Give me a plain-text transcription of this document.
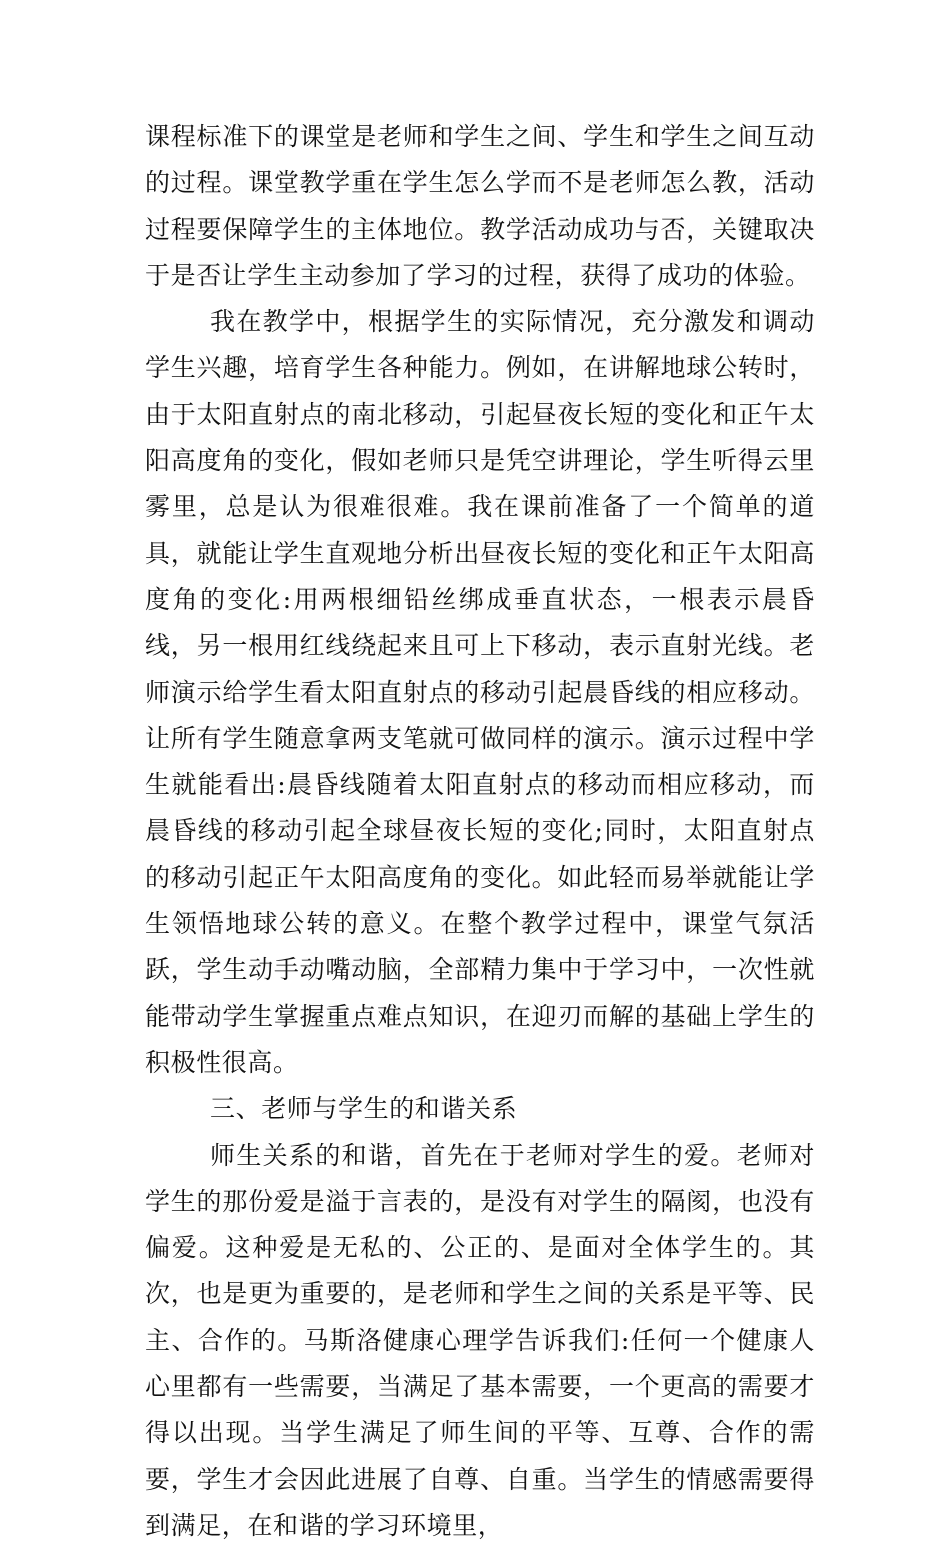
课程标准下的课堂是老师和学生之间、学生和学生之间互动的过程。课堂教学重在学生怎么学而不是老师怎么教，活动过程要保障学生的主体地位。教学活动成功与否，关键取决于是否让学生主动参加了学习的过程，获得了成功的体验。

我在教学中，根据学生的实际情况，充分激发和调动学生兴趣，培育学生各种能力。例如，在讲解地球公转时，由于太阳直射点的南北移动，引起昼夜长短的变化和正午太阳高度角的变化，假如老师只是凭空讲理论，学生听得云里雾里，总是认为很难很难。我在课前准备了一个简单的道具，就能让学生直观地分析出昼夜长短的变化和正午太阳高度角的变化:用两根细铅丝绑成垂直状态，一根表示晨昏线，另一根用红线绕起来且可上下移动，表示直射光线。老师演示给学生看太阳直射点的移动引起晨昏线的相应移动。让所有学生随意拿两支笔就可做同样的演示。演示过程中学生就能看出:晨昏线随着太阳直射点的移动而相应移动，而晨昏线的移动引起全球昼夜长短的变化;同时，太阳直射点的移动引起正午太阳高度角的变化。如此轻而易举就能让学生领悟地球公转的意义。在整个教学过程中，课堂气氛活跃，学生动手动嘴动脑，全部精力集中于学习中，一次性就能带动学生掌握重点难点知识，在迎刃而解的基础上学生的积极性很高。

三、老师与学生的和谐关系

师生关系的和谐，首先在于老师对学生的爱。老师对学生的那份爱是溢于言表的，是没有对学生的隔阂，也没有偏爱。这种爱是无私的、公正的、是面对全体学生的。其次，也是更为重要的，是老师和学生之间的关系是平等、民主、合作的。马斯洛健康心理学告诉我们:任何一个健康人心里都有一些需要，当满足了基本需要，一个更高的需要才得以出现。当学生满足了师生间的平等、互尊、合作的需要，学生才会因此进展了自尊、自重。当学生的情感需要得到满足，在和谐的学习环境里，
